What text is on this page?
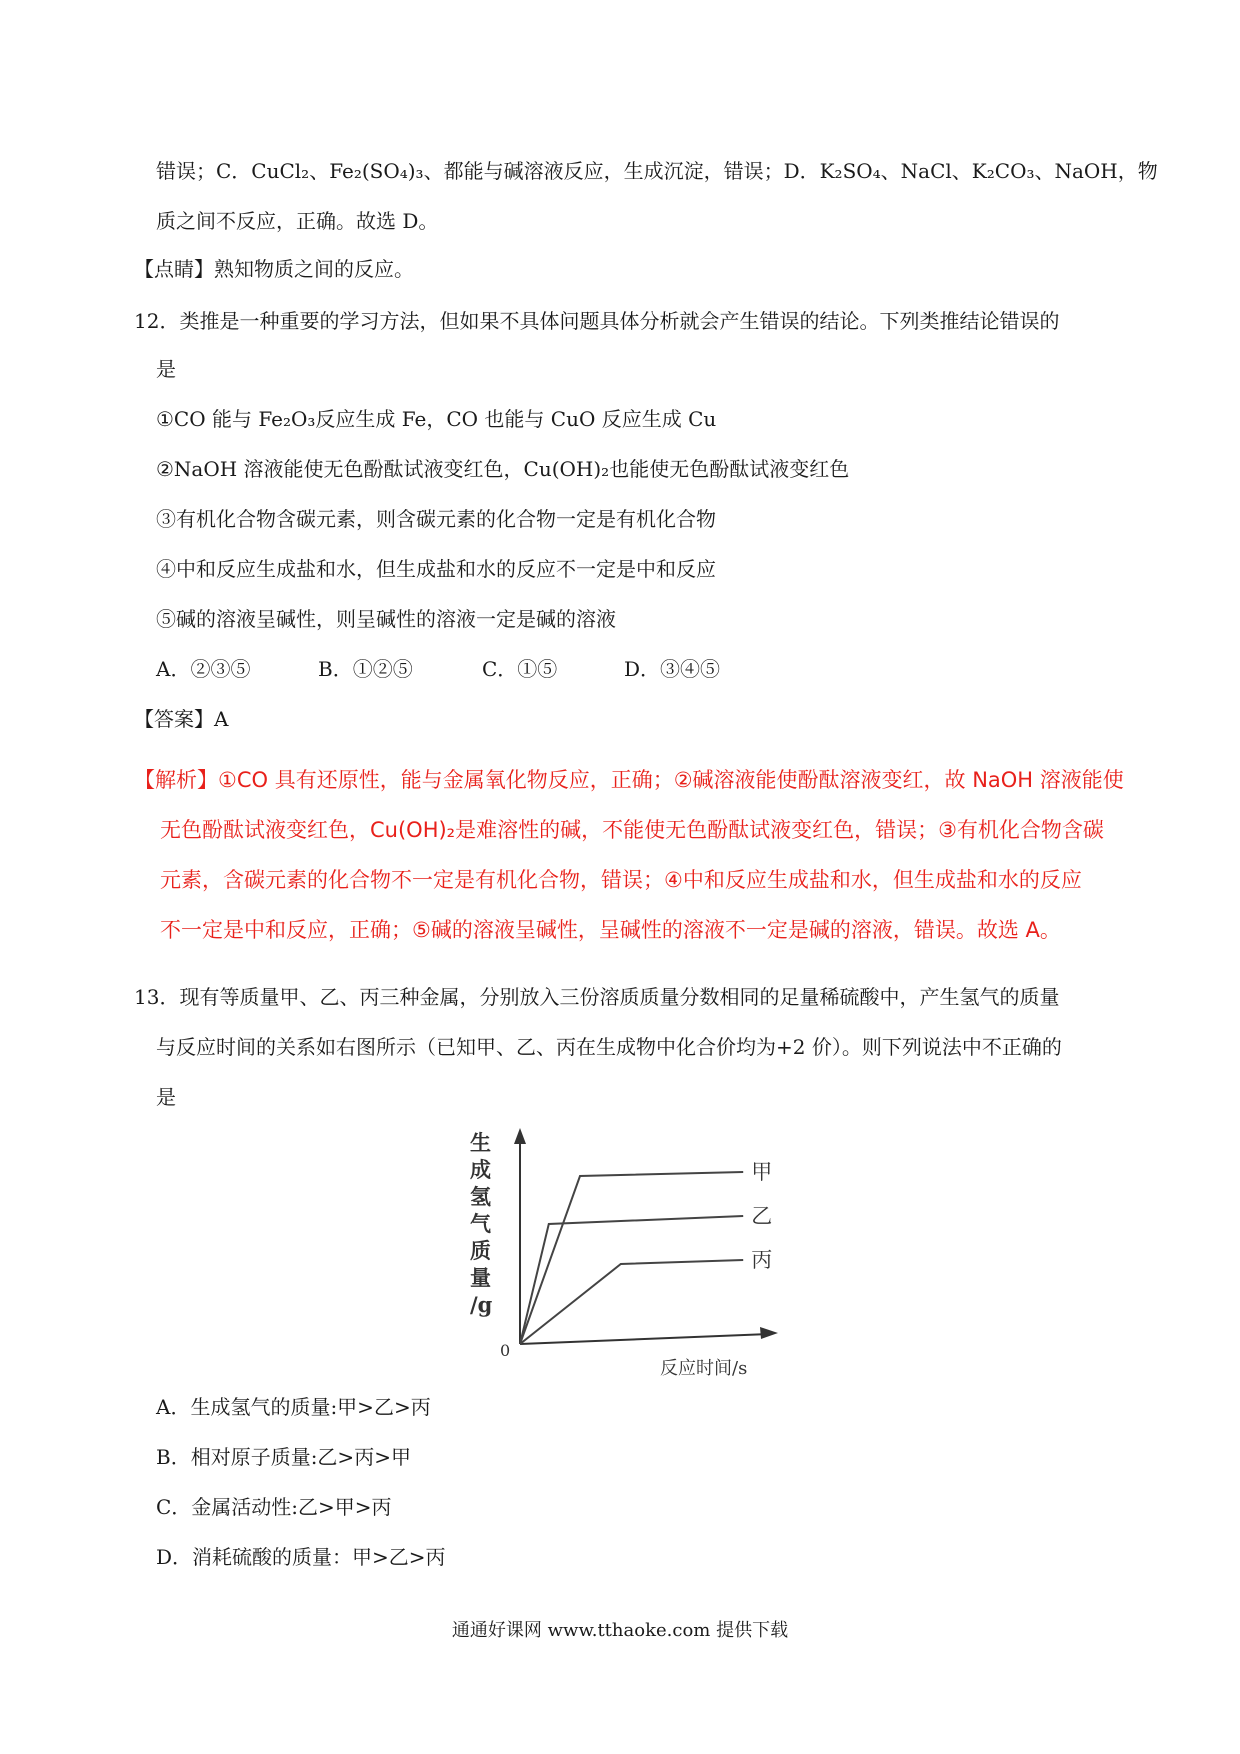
错误；C．CuCl₂、Fe₂(SO₄)₃、都能与碱溶液反应，生成沉淀，错误；D．K₂SO₄、NaCl、K₂CO₃、NaOH，物
质之间不反应，正确。故选 D。
【点睛】熟知物质之间的反应。
12．类推是一种重要的学习方法，但如果不具体问题具体分析就会产生错误的结论。下列类推结论错误的
是
①CO 能与 Fe₂O₃反应生成 Fe，CO 也能与 CuO 反应生成 Cu
②NaOH 溶液能使无色酚酞试液变红色，Cu(OH)₂也能使无色酚酞试液变红色
③有机化合物含碳元素，则含碳元素的化合物一定是有机化合物
④中和反应生成盐和水，但生成盐和水的反应不一定是中和反应
⑤碱的溶液呈碱性，则呈碱性的溶液一定是碱的溶液
A．②③⑤	B．①②⑤	C．①⑤	D．③④⑤
【答案】A
【解析】①CO 具有还原性，能与金属氧化物反应，正确；②碱溶液能使酚酞溶液变红，故 NaOH 溶液能使
无色酚酞试液变红色，Cu(OH)₂是难溶性的碱，不能使无色酚酞试液变红色，错误；③有机化合物含碳
元素，含碳元素的化合物不一定是有机化合物，错误；④中和反应生成盐和水，但生成盐和水的反应
不一定是中和反应，正确；⑤碱的溶液呈碱性，呈碱性的溶液不一定是碱的溶液，错误。故选 A。
13．现有等质量甲、乙、丙三种金属，分别放入三份溶质质量分数相同的足量稀硫酸中，产生氢气的质量
与反应时间的关系如右图所示（已知甲、乙、丙在生成物中化合价均为+2 价）。则下列说法中不正确的
是
0
反应时间/s
生
成
氢
气
质
量
/g
甲
乙
丙
A．生成氢气的质量:甲>乙>丙
B．相对原子质量:乙>丙>甲
C．金属活动性:乙>甲>丙
D．消耗硫酸的质量：甲>乙>丙
通通好课网 www.tthaoke.com 提供下载
